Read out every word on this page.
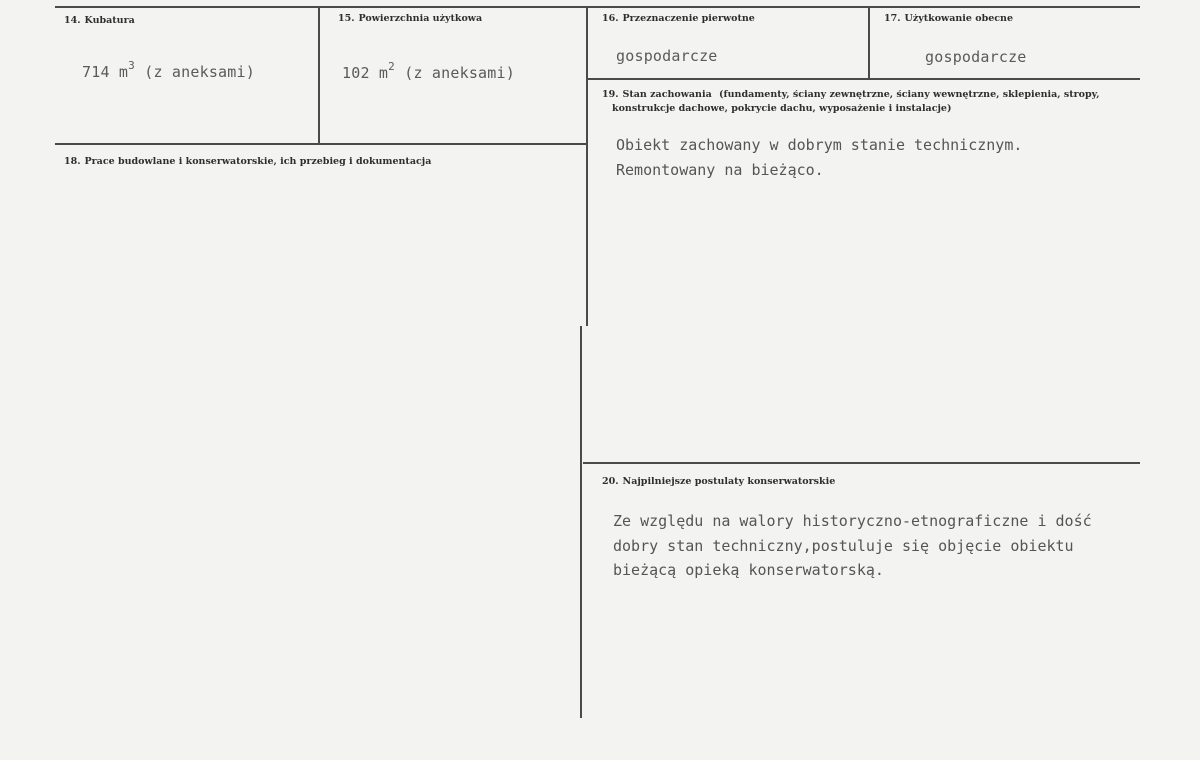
14. Kubatura
714 $m^3$ (z aneksami)
15. Powierzchnia użytkowa
102 $m^2$ (z aneksami)
16. Przeznaczenie pierwotne
gospodarcze
17. Użytkowanie obecne
gospodarcze
18. Prace budowlane i konserwatorskie, ich przebieg i dokumentacja
19. Stan zachowania (fundamenty, ściany zewnętrzne, ściany wewnętrzne, sklepienia, stropy,
konstrukcje dachowe, pokrycie dachu, wyposażenie i instalacje)
Obiekt zachowany w dobrym stanie technicznym.
Remontowany na bieżąco.
20. Najpilniejsze postulaty konserwatorskie
Ze względu na walory historyczno-etnograficzne i dość
dobry stan techniczny,postuluje się objęcie obiektu
bieżącą opieką konserwatorską.
